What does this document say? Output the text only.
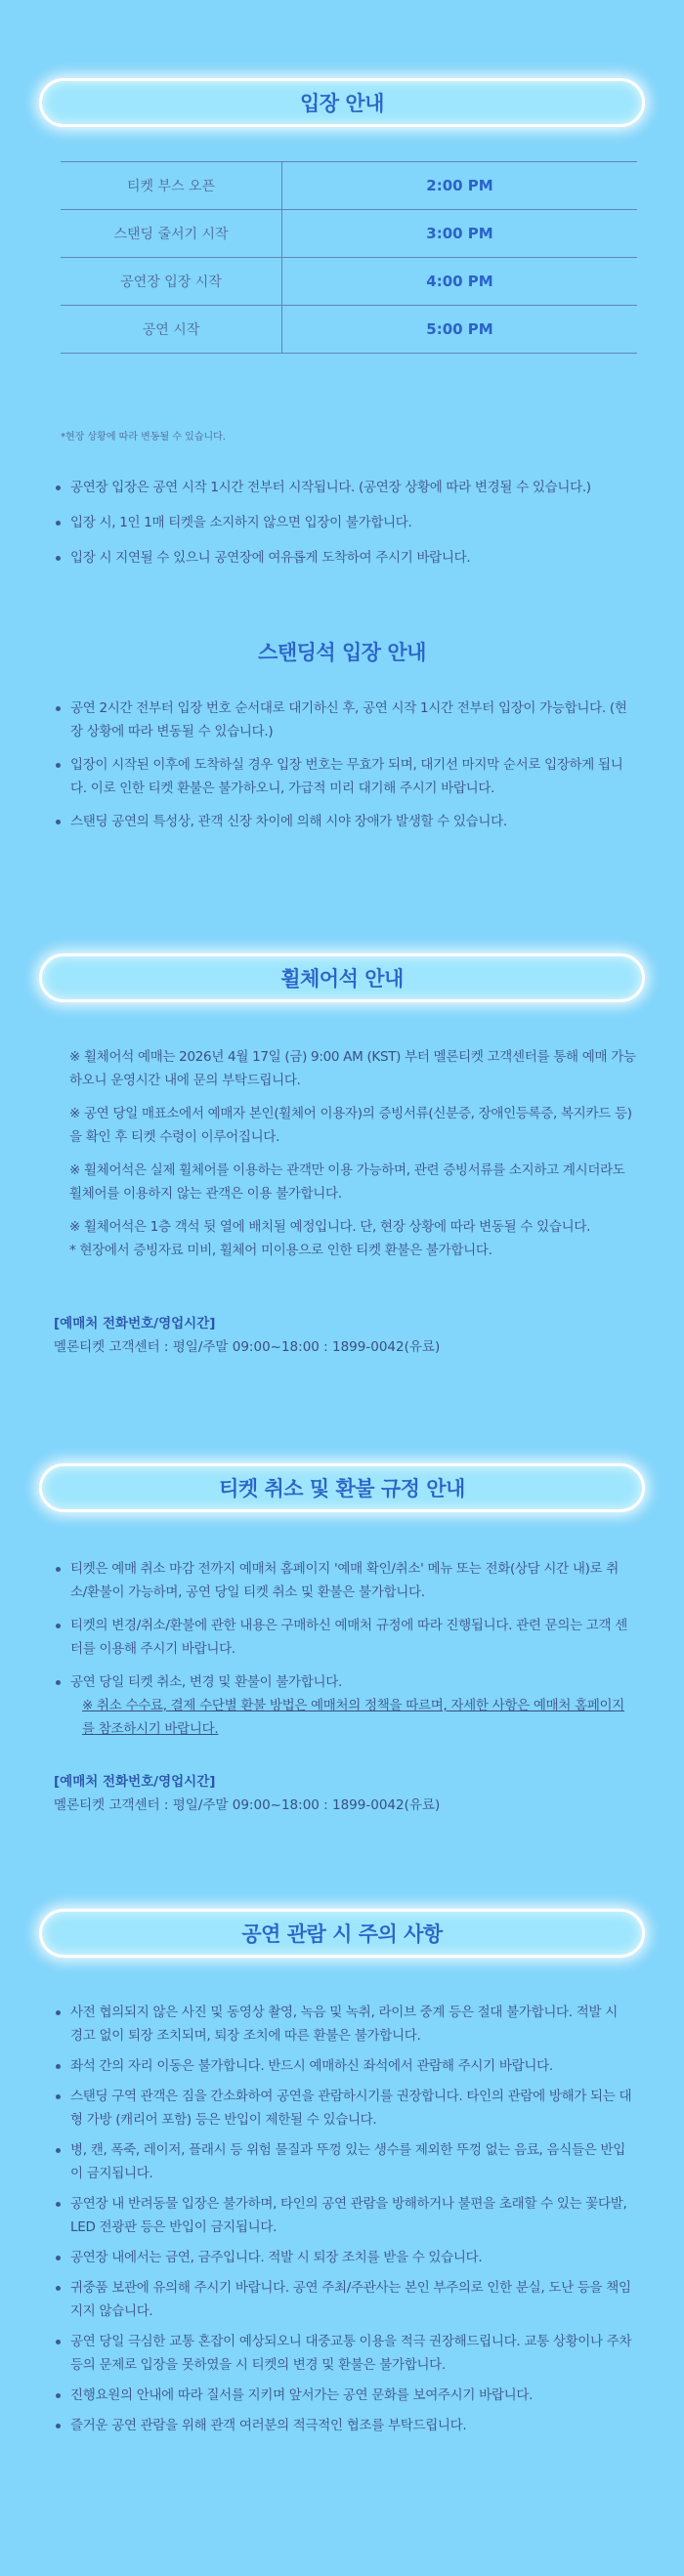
입장 안내
티켓 부스 오픈	2:00 PM
스탠딩 줄서기 시작	3:00 PM
공연장 입장 시작	4:00 PM
공연 시작	5:00 PM
*현장 상황에 따라 변동될 수 있습니다.
공연장 입장은 공연 시작 1시간 전부터 시작됩니다. (공연장 상황에 따라 변경될 수 있습니다.)
입장 시, 1인 1매 티켓을 소지하지 않으면 입장이 불가합니다.
입장 시 지연될 수 있으니 공연장에 여유롭게 도착하여 주시기 바랍니다.
스탠딩석 입장 안내
공연 2시간 전부터 입장 번호 순서대로 대기하신 후, 공연 시작 1시간 전부터 입장이 가능합니다. (현장 상황에 따라 변동될 수 있습니다.)
입장이 시작된 이후에 도착하실 경우 입장 번호는 무효가 되며, 대기선 마지막 순서로 입장하게 됩니다. 이로 인한 티켓 환불은 불가하오니, 가급적 미리 대기해 주시기 바랍니다.
스탠딩 공연의 특성상, 관객 신장 차이에 의해 시야 장애가 발생할 수 있습니다.
휠체어석 안내
※ 휠체어석 예매는 2026년 4월 17일 (금) 9:00 AM (KST) 부터 멜론티켓 고객센터를 통해 예매 가능하오니 운영시간 내에 문의 부탁드립니다.
※ 공연 당일 매표소에서 예매자 본인(휠체어 이용자)의 증빙서류(신분증, 장애인등록증, 복지카드 등)을 확인 후 티켓 수령이 이루어집니다.
※ 휠체어석은 실제 휠체어를 이용하는 관객만 이용 가능하며, 관련 증빙서류를 소지하고 계시더라도 휠체어를 이용하지 않는 관객은 이용 불가합니다.
※ 휠체어석은 1층 객석 뒷 열에 배치될 예정입니다. 단, 현장 상황에 따라 변동될 수 있습니다.
* 현장에서 증빙자료 미비, 휠체어 미이용으로 인한 티켓 환불은 불가합니다.
[예매처 전화번호/영업시간]
멜론티켓 고객센터 : 평일/주말 09:00~18:00 : 1899-0042(유료)
티켓 취소 및 환불 규정 안내
티켓은 예매 취소 마감 전까지 예매처 홈페이지 '예매 확인/취소' 메뉴 또는 전화(상담 시간 내)로 취소/환불이 가능하며, 공연 당일 티켓 취소 및 환불은 불가합니다.
티켓의 변경/취소/환불에 관한 내용은 구매하신 예매처 규정에 따라 진행됩니다. 관련 문의는 고객 센터를 이용해 주시기 바랍니다.
공연 당일 티켓 취소, 변경 및 환불이 불가합니다.
※ 취소 수수료, 결제 수단별 환불 방법은 예매처의 정책을 따르며, 자세한 사항은 예매처 홈페이지를 참조하시기 바랍니다.
[예매처 전화번호/영업시간]
멜론티켓 고객센터 : 평일/주말 09:00~18:00 : 1899-0042(유료)
공연 관람 시 주의 사항
사전 협의되지 않은 사진 및 동영상 촬영, 녹음 및 녹취, 라이브 중계 등은 절대 불가합니다. 적발 시 경고 없이 퇴장 조치되며, 퇴장 조치에 따른 환불은 불가합니다.
좌석 간의 자리 이동은 불가합니다. 반드시 예매하신 좌석에서 관람해 주시기 바랍니다.
스탠딩 구역 관객은 짐을 간소화하여 공연을 관람하시기를 권장합니다. 타인의 관람에 방해가 되는 대형 가방 (캐리어 포함) 등은 반입이 제한될 수 있습니다.
병, 캔, 폭죽, 레이저, 플래시 등 위험 물질과 뚜껑 있는 생수를 제외한 뚜껑 없는 음료, 음식들은 반입이 금지됩니다.
공연장 내 반려동물 입장은 불가하며, 타인의 공연 관람을 방해하거나 불편을 초래할 수 있는 꽃다발, LED 전광판 등은 반입이 금지됩니다.
공연장 내에서는 금연, 금주입니다. 적발 시 퇴장 조치를 받을 수 있습니다.
귀중품 보관에 유의해 주시기 바랍니다. 공연 주최/주관사는 본인 부주의로 인한 분실, 도난 등을 책임지지 않습니다.
공연 당일 극심한 교통 혼잡이 예상되오니 대중교통 이용을 적극 권장해드립니다. 교통 상황이나 주차 등의 문제로 입장을 못하였을 시 티켓의 변경 및 환불은 불가합니다.
진행요원의 안내에 따라 질서를 지키며 앞서가는 공연 문화를 보여주시기 바랍니다.
즐거운 공연 관람을 위해 관객 여러분의 적극적인 협조를 부탁드립니다.
